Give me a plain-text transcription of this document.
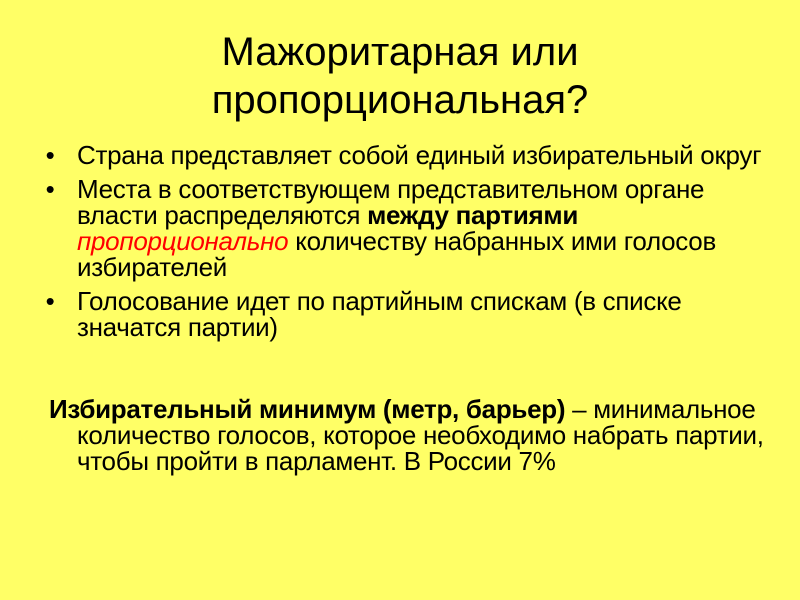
Мажоритарная или
пропорциональная?
• Страна представляет собой единый избирательный округ
• Места в соответствующем представительном органе власти распределяются между партиями пропорционально количеству набранных ими голосов избирателей
• Голосование идет по партийным спискам (в списке значатся партии)

Избирательный минимум (метр, барьер) – минимальное количество голосов, которое необходимо набрать партии, чтобы пройти в парламент. В России 7%
